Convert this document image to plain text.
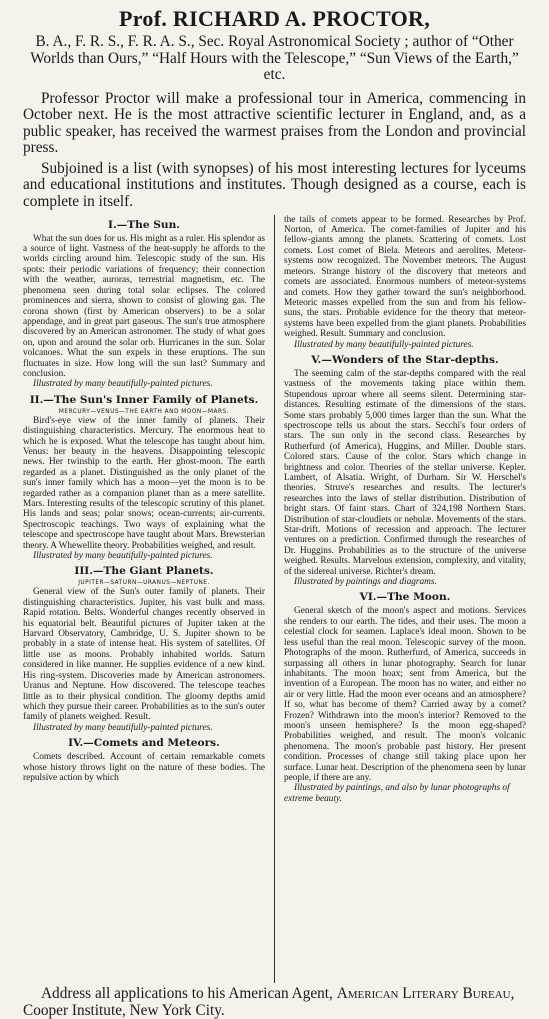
Prof. RICHARD A. PROCTOR,
B. A., F. R. S., F. R. A. S., Sec. Royal Astronomical Society ; author of “Other Worlds than Ours,” “Half Hours with the Telescope,” “Sun Views of the Earth,” etc.

Professor Proctor will make a professional tour in America, commencing in October next. He is the most attractive scientific lecturer in England, and, as a public speaker, has received the warmest praises from the London and provincial press.

Subjoined is a list (with synopses) of his most interesting lectures for lyceums and educational institutions and institutes. Though designed as a course, each is complete in itself.

I.—The Sun.

What the sun does for us. His might as a ruler. His splendor as a source of light. Vastness of the heat-supply he affords to the worlds circling around him. Telescopic study of the sun. His spots: their periodic variations of frequency; their connection with the weather, auroras, terrestrial magnetism, etc. The phenomena seen during total solar eclipses. The colored prominences and sierra, shown to consist of glowing gas. The corona shown (first by American observers) to be a solar appendage, and in great part gaseous. The sun's true atmosphere discovered by an American astronomer. The study of what goes on, upon and around the solar orb. Hurricanes in the sun. Solar volcanoes. What the sun expels in these eruptions. The sun fluctuates in size. How long will the sun last? Summary and conclusion.

Illustrated by many beautifully-painted pictures.

II.—The Sun's Inner Family of Planets.
MERCURY—VENUS—THE EARTH AND MOON—MARS.

Bird's-eye view of the inner family of planets. Their distinguishing characteristics. Mercury. The enormous heat to which he is exposed. What the telescope has taught about him. Venus: her beauty in the heavens. Disappointing telescopic news. Her twinship to the earth. Her ghost-moon. The earth regarded as a planet. Distinguished as the only planet of the sun's inner family which has a moon—yet the moon is to be regarded rather as a companion planet than as a mere satellite. Mars. Interesting results of the telescopic scrutiny of this planet. His lands and seas; polar snows; ocean-currents; air-currents. Spectroscopic teachings. Two ways of explaining what the telescope and spectroscope have taught about Mars. Brewsterian theory. A Whewellite theory. Probabilities weighed, and result.

Illustrated by many beautifully-painted pictures.

III.—The Giant Planets.
JUPITER—SATURN—URANUS—NEPTUNE.

General view of the Sun's outer family of planets. Their distinguishing characteristics. Jupiter, his vast bulk and mass. Rapid rotation. Belts. Wonderful changes recently observed in his equatorial belt. Beautiful pictures of Jupiter taken at the Harvard Observatory, Cambridge, U. S. Jupiter shown to be probably in a state of intense heat. His system of satellites. Of little use as moons. Probably inhabited worlds. Saturn considered in like manner. He supplies evidence of a new kind. His ring-system. Discoveries made by American astronomers. Uranus and Neptune. How discovered. The telescope teaches little as to their physical condition. The gloomy depths amid which they pursue their career. Probabilities as to the sun's outer family of planets weighed. Result.

Illustrated by many beautifully-painted pictures.

IV.—Comets and Meteors.

Comets described. Account of certain remarkable comets whose history throws light on the nature of these bodies. The repulsive action by which

the tails of comets appear to be formed. Researches by Prof. Norton, of America. The comet-families of Jupiter and his fellow-giants among the planets. Scattering of comets. Lost comets. Lost comet of Biela. Meteors and aerolites. Meteor-systems now recognized. The November meteors. The August meteors. Strange history of the discovery that meteors and comets are associated. Enormous numbers of meteor-systems and comets. How they gather toward the sun's neighborhood. Meteoric masses expelled from the sun and from his fellow-suns, the stars. Probable evidence for the theory that meteor-systems have been expelled from the giant planets. Probabilities weighed. Result. Summary and conclusion.

Illustrated by many beautifully-painted pictures.

V.—Wonders of the Star-depths.

The seeming calm of the star-depths compared with the real vastness of the movements taking place within them. Stupendous uproar where all seems silent. Determining star-distances. Resulting estimate of the dimensions of the stars. Some stars probably 5,000 times larger than the sun. What the spectroscope tells us about the stars. Secchi's four orders of stars. The sun only in the second class. Researches by Rutherfurd (of America), Huggins, and Miller. Double stars. Colored stars. Cause of the color. Stars which change in brightness and color. Theories of the stellar universe. Kepler. Lambert, of Alsatia. Wright, of Durham. Sir W. Herschel's theories. Struve's researches and results. The lecturer's researches into the laws of stellar distribution. Distribution of bright stars. Of faint stars. Chart of 324,198 Northern Stars. Distribution of star-cloudlets or nebulæ. Movements of the stars. Star-drift. Motions of recession and approach. The lecturer ventures on a prediction. Confirmed through the researches of Dr. Huggins. Probabilities as to the structure of the universe weighed. Results. Marvelous extension, complexity, and vitality, of the sidereal universe. Richter's dream.

Illustrated by paintings and diagrams.

VI.—The Moon.

General sketch of the moon's aspect and motions. Services she renders to our earth. The tides, and their uses. The moon a celestial clock for seamen. Laplace's ideal moon. Shown to be less useful than the real moon. Telescopic survey of the moon. Photographs of the moon. Rutherfurd, of America, succeeds in surpassing all others in lunar photography. Search for lunar inhabitants. The moon hoax; sent from America, but the invention of a European. The moon has no water, and either no air or very little. Had the moon ever oceans and an atmosphere? If so, what has become of them? Carried away by a comet? Frozen? Withdrawn into the moon's interior? Removed to the moon's unseen hemisphere? Is the moon egg-shaped? Probabilities weighed, and result. The moon's volcanic phenomena. The moon's probable past history. Her present condition. Processes of change still taking place upon her surface. Lunar heat. Description of the phenomena seen by lunar people, if there are any.

Illustrated by paintings, and also by lunar photographs of extreme beauty.

Address all applications to his American Agent, American Literary Bureau, Cooper Institute, New York City.
